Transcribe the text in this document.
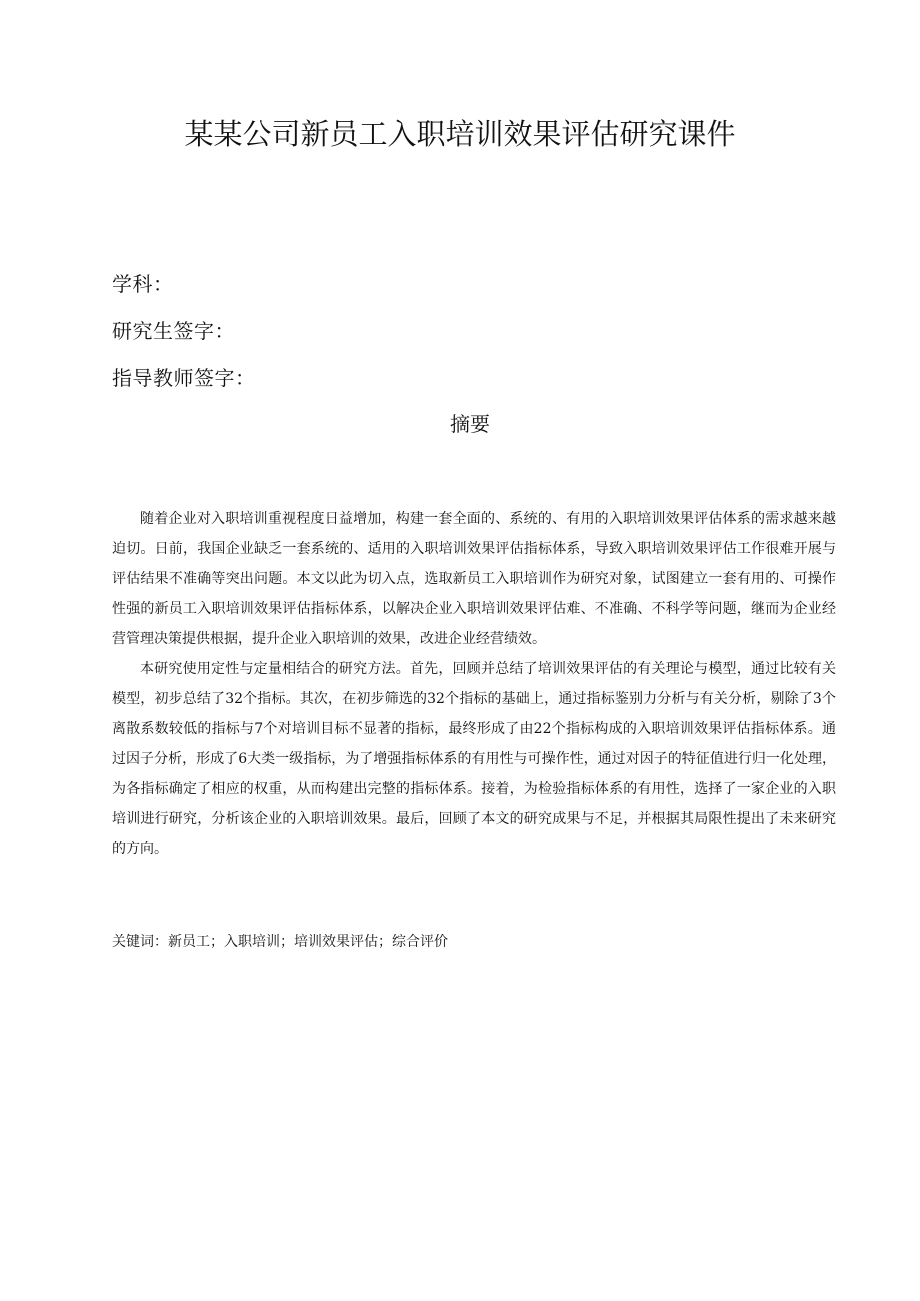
某某公司新员工入职培训效果评估研究课件
学科：
研究生签字：
指导教师签字：
摘要

随着企业对入职培训重视程度日益增加，构建一套全面的、系统的、有用的入职培训效果评估体系的需求越来越迫切。日前，我国企业缺乏一套系统的、适用的入职培训效果评估指标体系，导致入职培训效果评估工作很难开展与评估结果不准确等突出问题。本文以此为切入点，选取新员工入职培训作为研究对象，试图建立一套有用的、可操作性强的新员工入职培训效果评估指标体系，以解决企业入职培训效果评估难、不准确、不科学等问题，继而为企业经营管理决策提供根据，提升企业入职培训的效果，改进企业经营绩效。

本研究使用定性与定量相结合的研究方法。首先，回顾并总结了培训效果评估的有关理论与模型，通过比较有关模型，初步总结了32个指标。其次，在初步筛选的32个指标的基础上，通过指标鉴别力分析与有关分析，剔除了3个离散系数较低的指标与7个对培训目标不显著的指标，最终形成了由22个指标构成的入职培训效果评估指标体系。通过因子分析，形成了6大类一级指标，为了增强指标体系的有用性与可操作性，通过对因子的特征值进行归一化处理，为各指标确定了相应的权重，从而构建出完整的指标体系。接着，为检验指标体系的有用性，选择了一家企业的入职培训进行研究，分析该企业的入职培训效果。最后，回顾了本文的研究成果与不足，并根据其局限性提出了未来研究的方向。

关键词：新员工；入职培训；培训效果评估；综合评价
